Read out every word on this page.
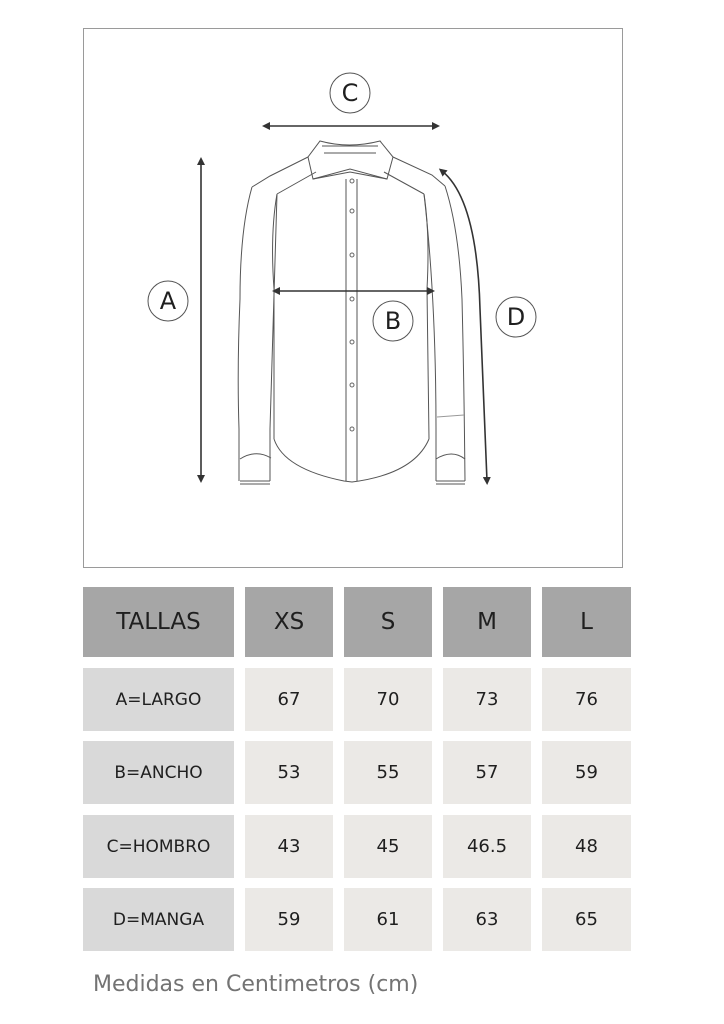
C
A
B	D
TALLAS	XS	S	M	L
A=LARGO	67	70	73	76
B=ANCHO	53	55	57	59
C=HOMBRO	43	45	46.5	48
D=MANGA	59	61	63	65
Medidas en Centimetros (cm)
